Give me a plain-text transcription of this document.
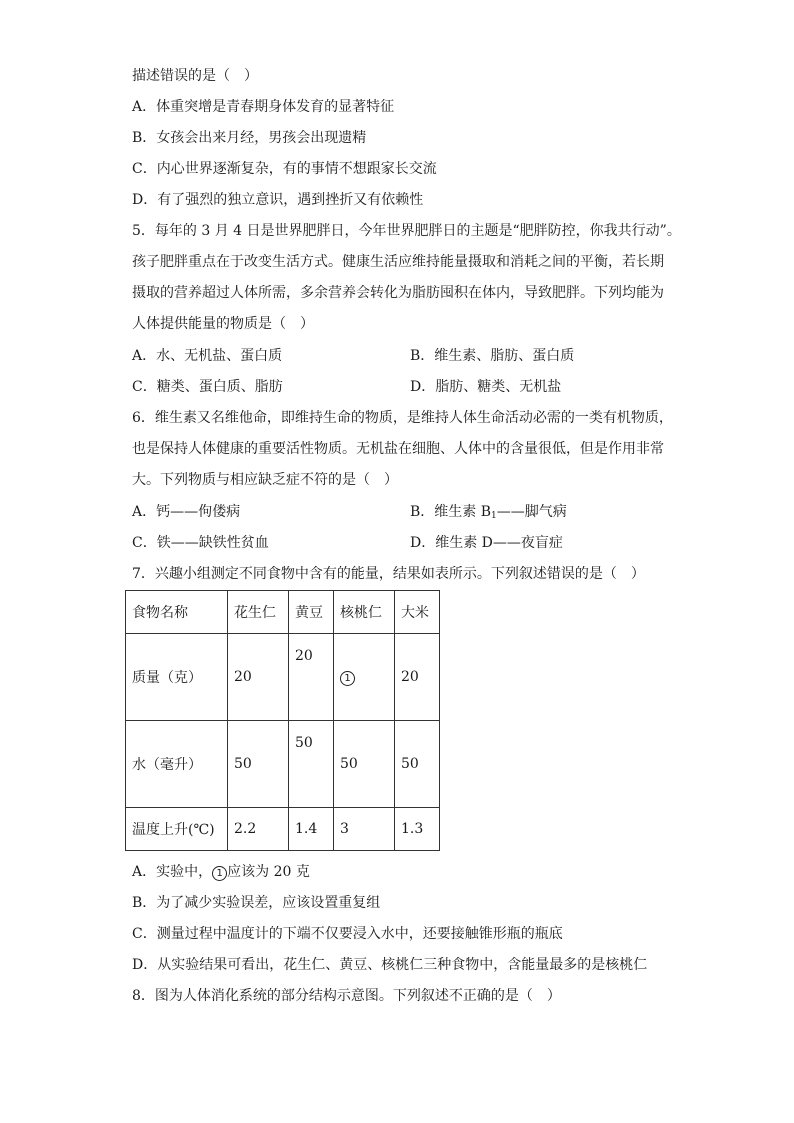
描述错误的是（　）
A．体重突增是青春期身体发育的显著特征
B．女孩会出来月经，男孩会出现遗精
C．内心世界逐渐复杂，有的事情不想跟家长交流
D．有了强烈的独立意识，遇到挫折又有依赖性
5．每年的 3 月 4 日是世界肥胖日，今年世界肥胖日的主题是“肥胖防控，你我共行动”。
孩子肥胖重点在于改变生活方式。健康生活应维持能量摄取和消耗之间的平衡，若长期
摄取的营养超过人体所需，多余营养会转化为脂肪囤积在体内，导致肥胖。下列均能为
人体提供能量的物质是（　）
A．水、无机盐、蛋白质	B．维生素、脂肪、蛋白质
C．糖类、蛋白质、脂肪	D．脂肪、糖类、无机盐
6．维生素又名维他命，即维持生命的物质，是维持人体生命活动必需的一类有机物质，
也是保持人体健康的重要活性物质。无机盐在细胞、人体中的含量很低，但是作用非常
大。下列物质与相应缺乏症不符的是（　）
A．钙——佝偻病	B．维生素 $B_1——$脚气病
C．铁——缺铁性贫血	D．维生素 D——夜盲症
7．兴趣小组测定不同食物中含有的能量，结果如表所示。下列叙述错误的是（　）
食物名称	花生仁	黄豆	核桃仁	大米
质量（克）	20	20	1	20
水（毫升）	50	50	50	50
温度上升(℃)	2.2	1.4	3	1.3
A．实验中， 1 应该为 20 克
B．为了减少实验误差，应该设置重复组
C．测量过程中温度计的下端不仅要浸入水中，还要接触锥形瓶的瓶底
D．从实验结果可看出，花生仁、黄豆、核桃仁三种食物中，含能量最多的是核桃仁
8．图为人体消化系统的部分结构示意图。下列叙述不正确的是（　）
